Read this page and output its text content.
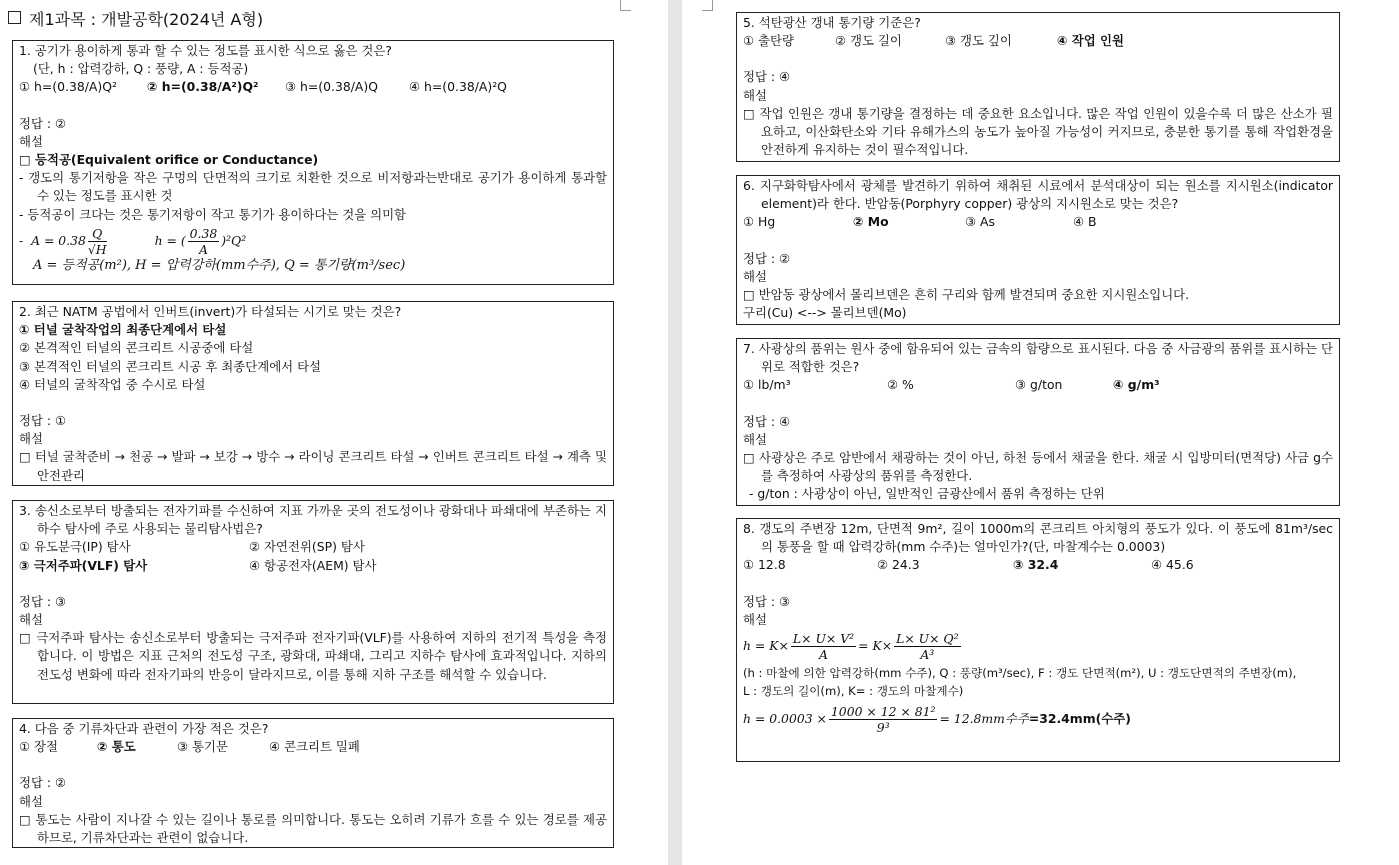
제1과목 : 개발공학(2024년 A형)
1. 공기가 용이하게 통과 할 수 있는 정도를 표시한 식으로 옳은 것은?
(단, h : 압력강하, Q : 풍량, A : 등적공)
① h=(0.38/A)Q² ② h=(0.38/A²)Q² ③ h=(0.38/A)Q	④ h=(0.38/A)²Q
정답 : ②
해설
□ 등적공(Equivalent orifice or Conductance)
- 갱도의 통기저항을 작은 구멍의 단면적의 크기로 치환한 것으로 비저항과는반대로 공기가 용이하게 통과할 수 있는 정도를 표시한 것
- 등적공이 크다는 것은 통기저항이 작고 통기가 용이하다는 것을 의미함
- $A = 0.38 \frac{Q}{√H}$	h = ( $\frac{0.38}{A} )^2Q^2$
A = 등적공(m²), H = 압력강하(mm수주), Q = 통기량(m³/sec)
2. 최근 NATM 공법에서 인버트(invert)가 타설되는 시기로 맞는 것은?
① 터널 굴착작업의 최종단계에서 타설
② 본격적인 터널의 콘크리트 시공중에 타설
③ 본격적인 터널의 콘크리트 시공 후 최종단계에서 타설
④ 터널의 굴착작업 중 수시로 타설
정답 : ①
해설
□ 터널 굴착준비 → 천공 → 발파 → 보강 → 방수 → 라이닝 콘크리트 타설 → 인버트 콘크리트 타설 → 계측 및 안전관리
3. 송신소로부터 방출되는 전자기파를 수신하여 지표 가까운 곳의 전도성이나 광화대나 파쇄대에 부존하는 지하수 탐사에 주로 사용되는 물리탐사법은?
① 유도분극(IP) 탐사	② 자연전위(SP) 탐사
③ 극저주파(VLF) 탐사	④ 항공전자(AEM) 탐사
정답 : ③
해설
□ 극저주파 탐사는 송신소로부터 방출되는 극저주파 전자기파(VLF)를 사용하여 지하의 전기적 특성을 측정합니다. 이 방법은 지표 근처의 전도성 구조, 광화대, 파쇄대, 그리고 지하수 탐사에 효과적입니다. 지하의 전도성 변화에 따라 전자기파의 반응이 달라지므로, 이를 통해 지하 구조를 해석할 수 있습니다.
4. 다음 중 기류차단과 관련이 가장 적은 것은?
① 장절	② 통도	③ 통기문	④ 콘크리트 밀폐
정답 : ②
해설
□ 통도는 사람이 지나갈 수 있는 길이나 통로를 의미합니다. 통도는 오히려 기류가 흐를 수 있는 경로를 제공하므로, 기류차단과는 관련이 없습니다.
5. 석탄광산 갱내 통기량 기준은?
① 출탄량	② 갱도 길이	③ 갱도 깊이	④ 작업 인원
정답 : ④
해설
□ 작업 인원은 갱내 통기량을 결정하는 데 중요한 요소입니다. 많은 작업 인원이 있을수록 더 많은 산소가 필요하고, 이산화탄소와 기타 유해가스의 농도가 높아질 가능성이 커지므로, 충분한 통기를 통해 작업환경을 안전하게 유지하는 것이 필수적입니다.
6. 지구화학탐사에서 광체를 발견하기 위하여 채취된 시료에서 분석대상이 되는 원소를 지시원소(indicator element)라 한다. 반암동(Porphyry copper) 광상의 지시원소로 맞는 것은?
① Hg	② Mo	③ As	④ B
정답 : ②
해설
□ 반암동 광상에서 몰리브덴은 흔히 구리와 함께 발견되며 중요한 지시원소입니다.
구리(Cu) <--> 몰리브덴(Mo)
7. 사광상의 품위는 원사 중에 함유되어 있는 금속의 함량으로 표시된다. 다음 중 사금광의 품위를 표시하는 단위로 적합한 것은?
① lb/m³	② %	③ g/ton	④ g/m³
정답 : ④
해설
□ 사광상은 주로 암반에서 채광하는 것이 아닌, 하천 등에서 채굴을 한다. 채굴 시 입방미터(면적당) 사금 g수를 측정하여 사광상의 품위를 측정한다.
- g/ton : 사광상이 아닌, 일반적인 금광산에서 품위 측정하는 단위
8. 갱도의 주변장 12m, 단면적 9m², 길이 1000m의 콘크리트 아치형의 풍도가 있다. 이 풍도에 81m³/sec의 통풍을 할 때 압력강하(mm 수주)는 얼마인가?(단, 마찰계수는 0.0003)
① 12.8	② 24.3	③ 32.4	④ 45.6
정답 : ③
해설
$h = K\times \frac{\text{L× U× V²}}{A} = K\times \frac{\text{L× U× Q²}}{\text{A³}}$
(h : 마찰에 의한 압력강하(mm 수주), Q : 풍량(m³/sec), F : 갱도 단면적(m²), U : 갱도단면적의 주변장(m),
L : 갱도의 길이(m), K= : 갱도의 마찰계수)
$h = 0.0003 \times \frac{\text{1000 × 12 × 81²}}{\text{9³}} = 12.8mm$수주=32.4mm(수주)
